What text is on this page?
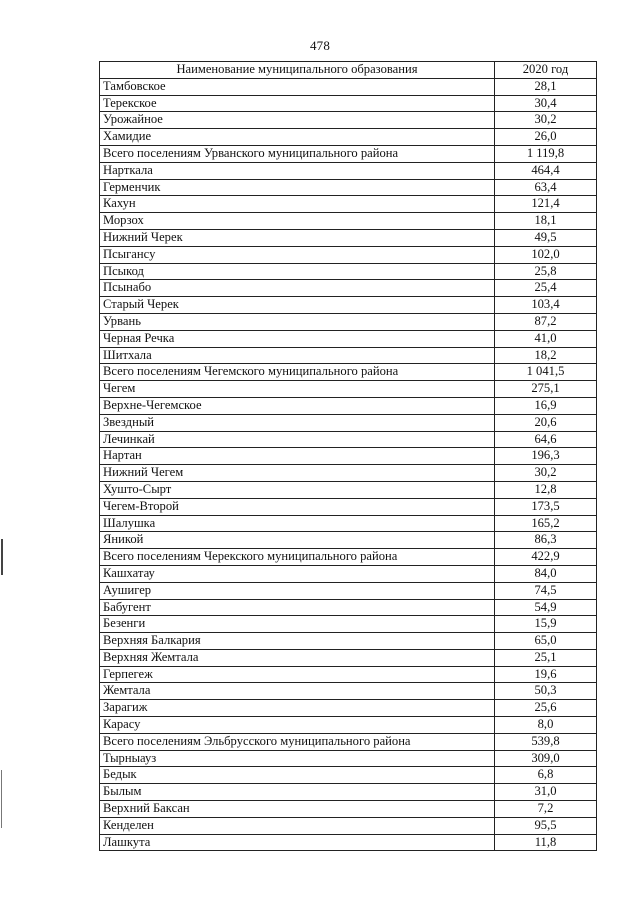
478
Наименование муниципального образования	2020 год
Тамбовское	28,1
Терекское	30,4
Урожайное	30,2
Хамидие	26,0
Всего поселениям Урванского муниципального района	1 119,8
Нарткала	464,4
Герменчик	63,4
Кахун	121,4
Морзох	18,1
Нижний Черек	49,5
Псыгансу	102,0
Псыкод	25,8
Псынабо	25,4
Старый Черек	103,4
Урвань	87,2
Черная Речка	41,0
Шитхала	18,2
Всего поселениям Чегемского муниципального района	1 041,5
Чегем	275,1
Верхне-Чегемское	16,9
Звездный	20,6
Лечинкай	64,6
Нартан	196,3
Нижний Чегем	30,2
Хушто-Сырт	12,8
Чегем-Второй	173,5
Шалушка	165,2
Яникой	86,3
Всего поселениям Черекского муниципального района	422,9
Кашхатау	84,0
Аушигер	74,5
Бабугент	54,9
Безенги	15,9
Верхняя Балкария	65,0
Верхняя Жемтала	25,1
Герпегеж	19,6
Жемтала	50,3
Зарагиж	25,6
Карасу	8,0
Всего поселениям Эльбрусского муниципального района	539,8
Тырныауз	309,0
Бедык	6,8
Былым	31,0
Верхний Баксан	7,2
Кенделен	95,5
Лашкута	11,8
